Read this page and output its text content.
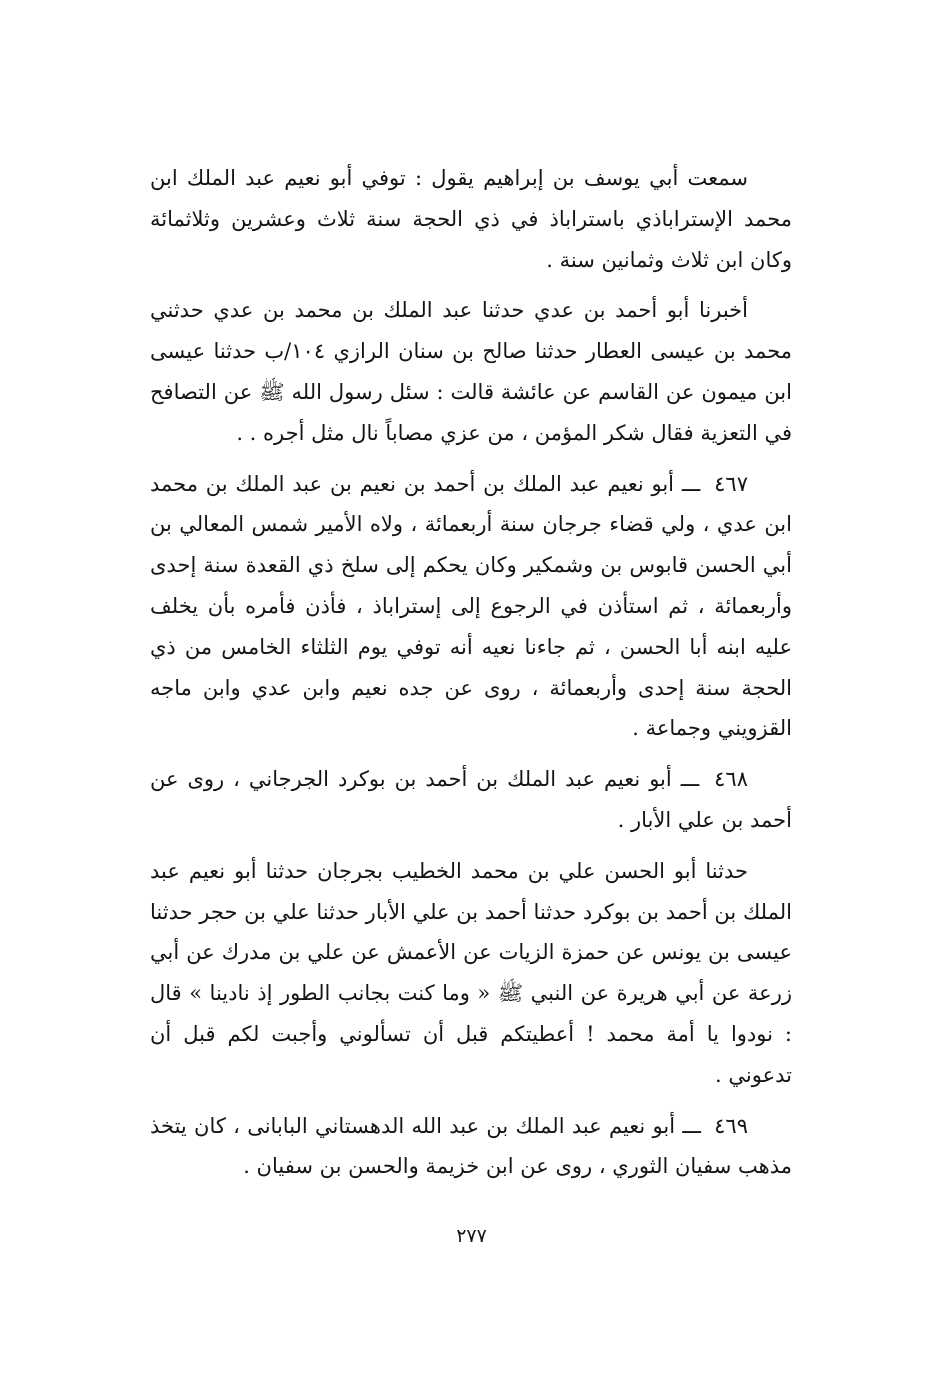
سمعت أبي يوسف بن إبراهيم يقول : توفي أبو نعيم عبد الملك ابن محمد الإستراباذي باستراباذ في ذي الحجة سنة ثلاث وعشرين وثلاثمائة وكان ابن ثلاث وثمانين سنة .

أخبرنا أبو أحمد بن عدي حدثنا عبد الملك بن محمد بن عدي حدثني محمد بن عيسى العطار حدثنا صالح بن سنان الرازي ١٠٤/ب حدثنا عيسى ابن ميمون عن القاسم عن عائشة قالت : سئل رسول الله ﷺ عن التصافح في التعزية فقال شكر المؤمن ، من عزي مصاباً نال مثل أجره . .

٤٦٧ ـــ أبو نعيم عبد الملك بن أحمد بن نعيم بن عبد الملك بن محمد ابن عدي ، ولي قضاء جرجان سنة أربعمائة ، ولاه الأمير شمس المعالي بن أبي الحسن قابوس بن وشمكير وكان يحكم إلى سلخ ذي القعدة سنة إحدى وأربعمائة ، ثم استأذن في الرجوع إلى إستراباذ ، فأذن فأمره بأن يخلف عليه ابنه أبا الحسن ، ثم جاءنا نعيه أنه توفي يوم الثلثاء الخامس من ذي الحجة سنة إحدى وأربعمائة ، روى عن جده نعيم وابن عدي وابن ماجه القزويني وجماعة .

٤٦٨ ـــ أبو نعيم عبد الملك بن أحمد بن بوكرد الجرجاني ، روى عن أحمد بن علي الأبار .

حدثنا أبو الحسن علي بن محمد الخطيب بجرجان حدثنا أبو نعيم عبد الملك بن أحمد بن بوكرد حدثنا أحمد بن علي الأبار حدثنا علي بن حجر حدثنا عيسى بن يونس عن حمزة الزيات عن الأعمش عن علي بن مدرك عن أبي زرعة عن أبي هريرة عن النبي ﷺ « وما كنت بجانب الطور إذ نادينا » قال : نودوا يا أمة محمد ! أعطيتكم قبل أن تسألوني وأجبت لكم قبل أن تدعوني .

٤٦٩ ـــ أبو نعيم عبد الملك بن عبد الله الدهستاني البابانى ، كان يتخذ مذهب سفيان الثوري ، روى عن ابن خزيمة والحسن بن سفيان .

٢٧٧
